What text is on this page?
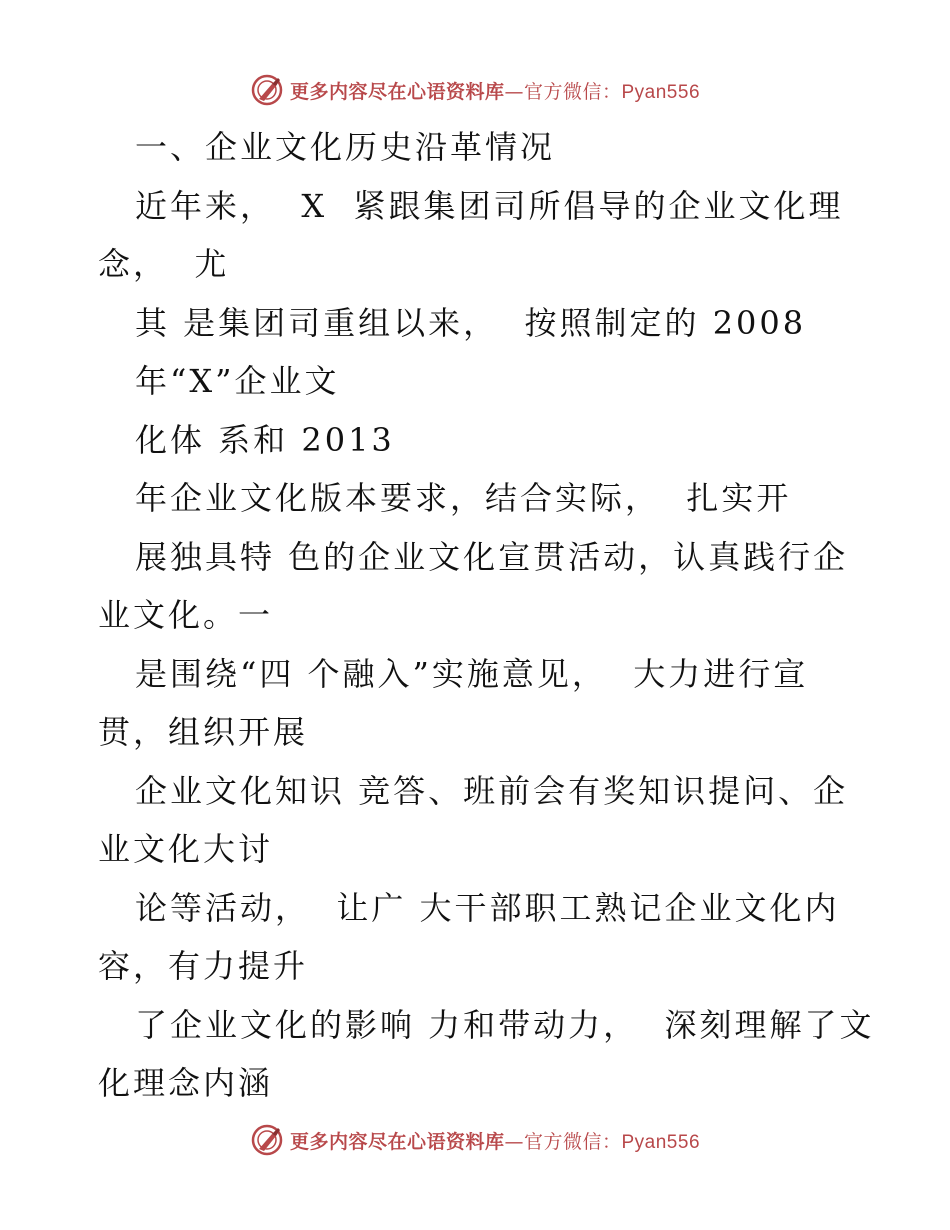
更多内容尽在心语资料库—官方微信：Pyan556
一、企业文化历史沿革情况
近年来，  X  紧跟集团司所倡导的企业文化理
念，  尤
其 是集团司重组以来，  按照制定的 2008
年“X”企业文
化体 系和 2013
年企业文化版本要求，结合实际，  扎实开
展独具特 色的企业文化宣贯活动，认真践行企
业文化。一
是围绕“四 个融入”实施意见，  大力进行宣
贯，组织开展
企业文化知识 竞答、班前会有奖知识提问、企
业文化大讨
论等活动，  让广 大干部职工熟记企业文化内
容，有力提升
了企业文化的影响 力和带动力，  深刻理解了文
化理念内涵
更多内容尽在心语资料库—官方微信：Pyan556
